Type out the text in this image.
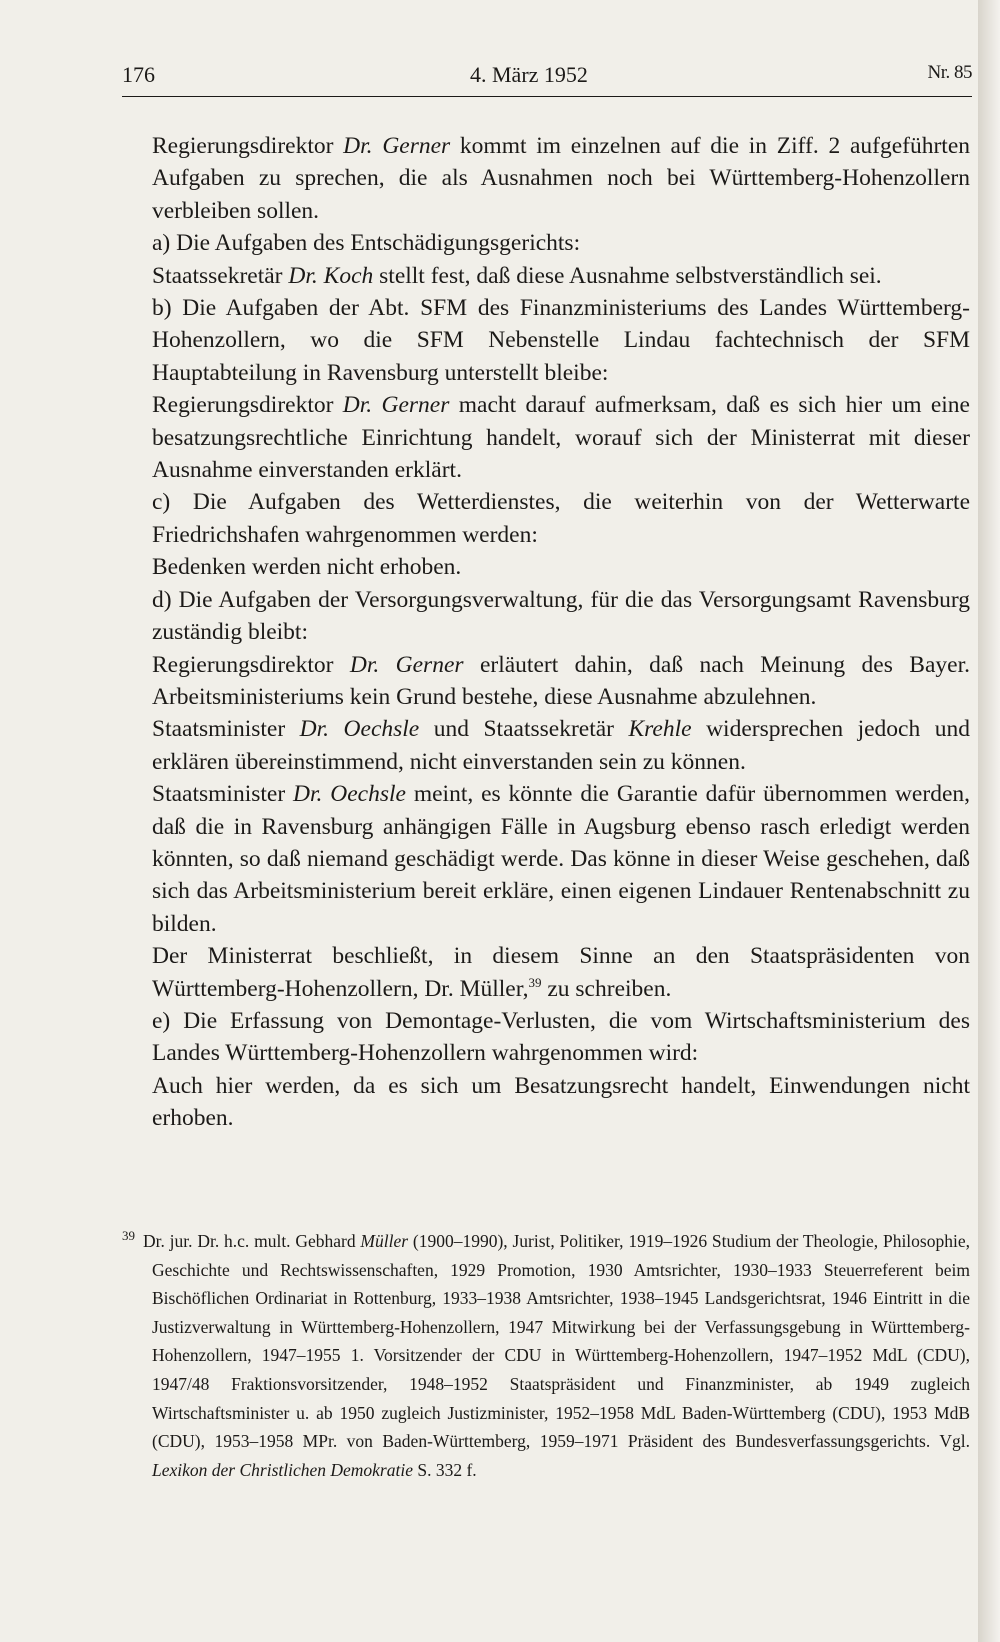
176	4. März 1952	Nr. 85

Regierungsdirektor Dr. Gerner kommt im einzelnen auf die in Ziff. 2 aufgeführten Aufgaben zu sprechen, die als Ausnahmen noch bei Württemberg-Hohenzollern verbleiben sollen.

a) Die Aufgaben des Entschädigungsgerichts:

Staatssekretär Dr. Koch stellt fest, daß diese Ausnahme selbstverständlich sei.

b) Die Aufgaben der Abt. SFM des Finanzministeriums des Landes Württemberg-Hohenzollern, wo die SFM Nebenstelle Lindau fachtechnisch der SFM Hauptabteilung in Ravensburg unterstellt bleibe:

Regierungsdirektor Dr. Gerner macht darauf aufmerksam, daß es sich hier um eine besatzungsrechtliche Einrichtung handelt, worauf sich der Ministerrat mit dieser Ausnahme einverstanden erklärt.

c) Die Aufgaben des Wetterdienstes, die weiterhin von der Wetterwarte Friedrichshafen wahrgenommen werden:

Bedenken werden nicht erhoben.

d) Die Aufgaben der Versorgungsverwaltung, für die das Versorgungsamt Ravensburg zuständig bleibt:

Regierungsdirektor Dr. Gerner erläutert dahin, daß nach Meinung des Bayer. Arbeitsministeriums kein Grund bestehe, diese Ausnahme abzulehnen.

Staatsminister Dr. Oechsle und Staatssekretär Krehle widersprechen jedoch und erklären übereinstimmend, nicht einverstanden sein zu können.

Staatsminister Dr. Oechsle meint, es könnte die Garantie dafür übernommen werden, daß die in Ravensburg anhängigen Fälle in Augsburg ebenso rasch erledigt werden könnten, so daß niemand geschädigt werde. Das könne in dieser Weise geschehen, daß sich das Arbeitsministerium bereit erkläre, einen eigenen Lindauer Rentenabschnitt zu bilden.

Der Ministerrat beschließt, in diesem Sinne an den Staatspräsidenten von Württemberg-Hohenzollern, Dr. Müller,$^{39}$ zu schreiben.

e) Die Erfassung von Demontage-Verlusten, die vom Wirtschaftsministerium des Landes Württemberg-Hohenzollern wahrgenommen wird:

Auch hier werden, da es sich um Besatzungsrecht handelt, Einwendungen nicht erhoben.

$^{39}$ Dr. jur. Dr. h.c. mult. Gebhard Müller (1900–1990), Jurist, Politiker, 1919–1926 Studium der Theologie, Philosophie, Geschichte und Rechtswissenschaften, 1929 Promotion, 1930 Amtsrichter, 1930–1933 Steuerreferent beim Bischöflichen Ordinariat in Rottenburg, 1933–1938 Amtsrichter, 1938–1945 Landsgerichtsrat, 1946 Eintritt in die Justizverwaltung in Württemberg-Hohenzollern, 1947 Mitwirkung bei der Verfassungsgebung in Württemberg-Hohenzollern, 1947–1955 1. Vorsitzender der CDU in Württemberg-Hohenzollern, 1947–1952 MdL (CDU), 1947/48 Fraktionsvorsitzender, 1948–1952 Staatspräsident und Finanzminister, ab 1949 zugleich Wirtschaftsminister u. ab 1950 zugleich Justizminister, 1952–1958 MdL Baden-Württemberg (CDU), 1953 MdB (CDU), 1953–1958 MPr. von Baden-Württemberg, 1959–1971 Präsident des Bundesverfassungsgerichts. Vgl. Lexikon der Christlichen Demokratie S. 332 f.
